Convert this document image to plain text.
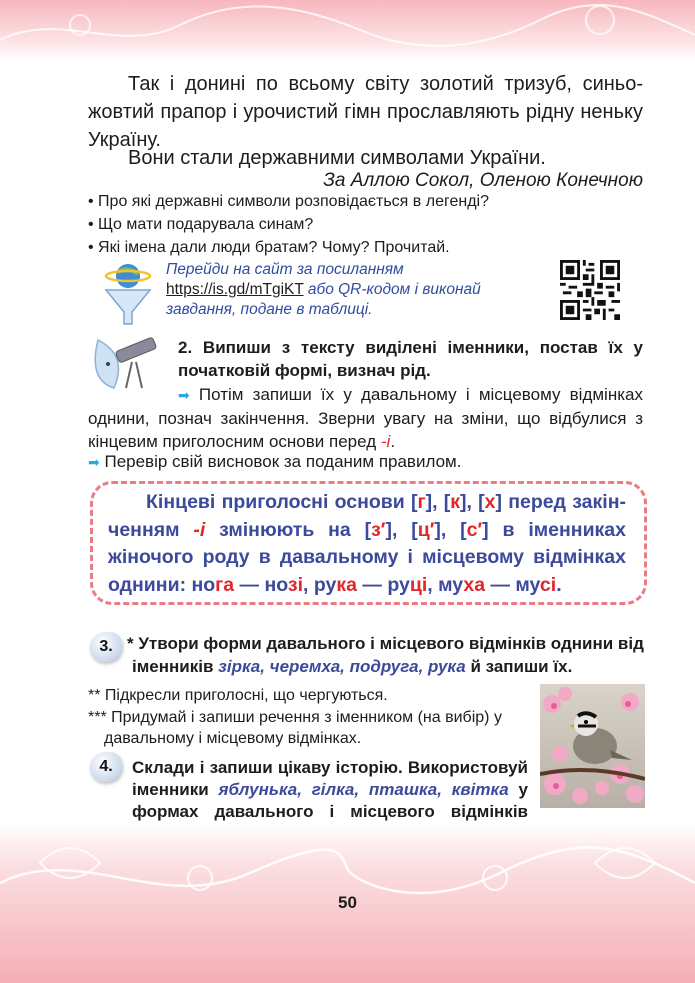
Так і донині по всьому світу золотий тризуб, синьо-
жовтий прапор і урочистий гімн прославляють рідну неньку
Україну.
Вони стали державними символами України.
За Аллою Сокол, Оленою Конечною
• Про які державні символи розповідається в легенді?
• Що мати подарувала синам?
• Які імена дали люди братам? Чому? Прочитай.
Перейди на сайт за посиланням
https://is.gd/mTgiKT або QR-кодом і виконай
завдання, подане в таблиці.
2. Випиши з тексту виділені іменники, постав їх у
початковій формі, визнач рід.
➡ Потім запиши їх у давальному і місцевому відмінках
однини, познач закінчення. Зверни увагу на зміни, що відбулися з
кінцевим приголосним основи перед -і.
➡ Перевір свій висновок за поданим правилом.
Кінцеві приголосні основи [г], [к], [х] перед закін-
ченням -і змінюють на [з′], [ц′], [с′] в іменниках
жіночого роду в давальному і місцевому відмінках
однини: нога — нозі, рука — руці, муха — мусі.
3. * Утвори форми давального і місцевого відмінків однини від
іменників зірка, черемха, подруга, рука й запиши їх.
** Підкресли приголосні, що чергуються.
*** Придумай і запиши речення з іменником (на вибір) у
давальному і місцевому відмінках.
4.	Склади і запиши цікаву історію. Використовуй
іменники яблунька, гілка, пташка, квітка у
формах давального і місцевого відмінків
50
